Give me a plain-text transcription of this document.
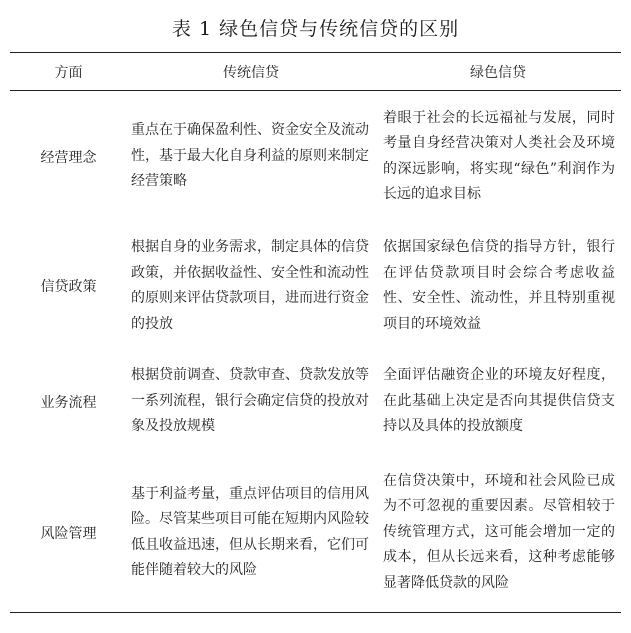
表 1 绿色信贷与传统信贷的区别
方面	传统信贷	绿色信贷
经营理念	重点在于确保盈利性、资金安全及流动性，基于最大化自身利益的原则来制定经营策略	着眼于社会的长远福祉与发展，同时考量自身经营决策对人类社会及环境的深远影响，将实现“绿色”利润作为长远的追求目标
信贷政策	根据自身的业务需求，制定具体的信贷政策，并依据收益性、安全性和流动性的原则来评估贷款项目，进而进行资金的投放	依据国家绿色信贷的指导方针，银行在评估贷款项目时会综合考虑收益性、安全性、流动性，并且特别重视项目的环境效益
业务流程	根据贷前调查、贷款审查、贷款发放等一系列流程，银行会确定信贷的投放对象及投放规模	全面评估融资企业的环境友好程度，在此基础上决定是否向其提供信贷支持以及具体的投放额度
风险管理	基于利益考量，重点评估项目的信用风险。尽管某些项目可能在短期内风险较低且收益迅速，但从长期来看，它们可能伴随着较大的风险	在信贷决策中，环境和社会风险已成为不可忽视的重要因素。尽管相较于传统管理方式，这可能会增加一定的成本，但从长远来看，这种考虑能够显著降低贷款的风险
